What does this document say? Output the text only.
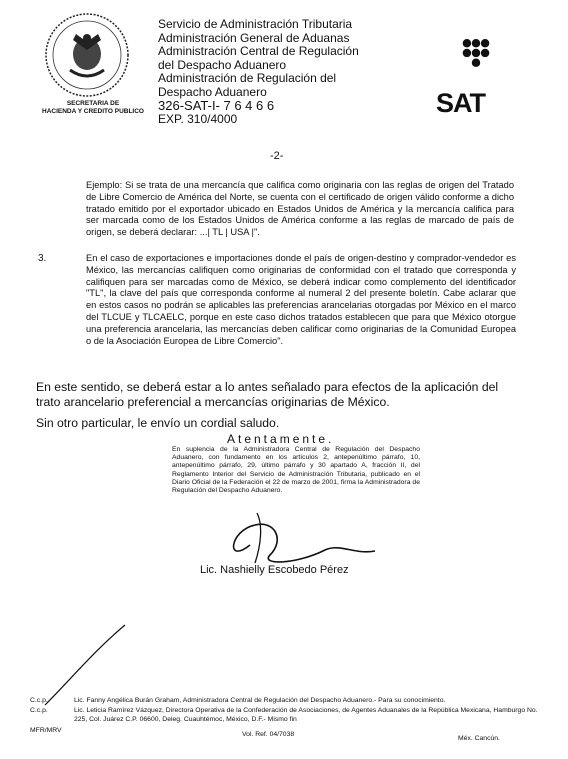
SECRETARIA DE
HACIENDA Y CREDITO PUBLICO
Servicio de Administración Tributaria
Administración General de Aduanas
Administración Central de Regulación
del Despacho Aduanero
Administración de Regulación del
Despacho Aduanero
326-SAT-I- 7 6 4 6 6
EXP. 310/4000
SAT
-2-
Ejemplo: Si se trata de una mercancía que califica como originaria con las reglas de origen del Tratado de Libre Comercio de América del Norte, se cuenta con el certificado de origen válido conforme a dicho tratado emitido por el exportador ubicado en Estados Unidos de América y la mercancía califica para ser marcada como de los Estados Unidos de América conforme a las reglas de marcado de país de origen, se deberá declarar: ...| TL | USA |".
3.	En el caso de exportaciones e importaciones donde el país de origen-destino y comprador-vendedor es México, las mercancías califiquen como originarias de conformidad con el tratado que corresponda y califiquen para ser marcadas como de México, se deberá indicar como complemento del identificador "TL", la clave del país que corresponda conforme al numeral 2 del presente boletín. Cabe aclarar que en estos casos no podrán se aplicables las preferencias arancelarias otorgadas por México en el marco del TLCUE y TLCAELC, porque en este caso dichos tratados establecen que para que México otorgue una preferencia arancelaria, las mercancías deben calificar como originarias de la Comunidad Europea o de la Asociación Europea de Libre Comercio".
En este sentido, se deberá estar a lo antes señalado para efectos de la aplicación del trato arancelario preferencial a mercancías originarias de México.
Sin otro particular, le envío un cordial saludo.
Atentamente.
En suplencia de la Administradora Central de Regulación del Despacho Aduanero, con fundamento en los artículos 2, antepenúltimo párrafo, 10, antepenúltimo párrafo, 29, último párrafo y 30 apartado A, fracción II, del Reglamento Interior del Servicio de Administración Tributaria, publicado en el Diario Oficial de la Federación el 22 de marzo de 2001, firma la Administradora de Regulación del Despacho Aduanero.
Lic. Nashielly Escobedo Pérez
C.c.p.	Lic. Fanny Angélica Burán Graham, Administradora Central de Regulación del Despacho Aduanero.- Para su conocimiento.
C.c.p.	Lic. Leticia Ramírez Vázquez, Directora Operativa de la Confederación de Asociaciones, de Agentes Aduanales de la República Mexicana, Hamburgo No. 225, Col. Juárez C.P. 06600, Deleg. Cuauhtémoc, México, D.F.- Mismo fin
MFR/MRV
Vol. Ref. 04/7038
Méx. Cancún.
